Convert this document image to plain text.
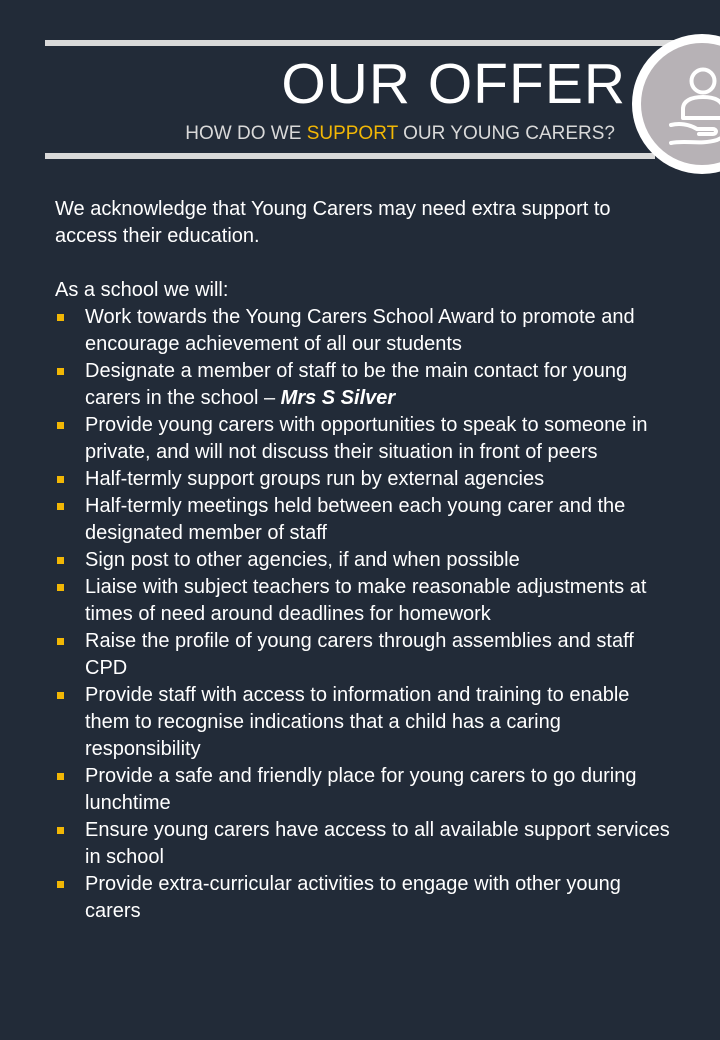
OUR OFFER
HOW DO WE SUPPORT OUR YOUNG CARERS?

We acknowledge that Young Carers may need extra support to access their education.

As a school we will:

Work towards the Young Carers School Award to promote and encourage achievement of all our students
Designate a member of staff to be the main contact for young carers in the school – Mrs S Silver
Provide young carers with opportunities to speak to someone in private, and will not discuss their situation in front of peers
Half-termly support groups run by external agencies
Half-termly meetings held between each young carer and the designated member of staff
Sign post to other agencies, if and when possible
Liaise with subject teachers to make reasonable adjustments at times of need around deadlines for homework
Raise the profile of young carers through assemblies and staff CPD
Provide staff with access to information and training to enable them to recognise indications that a child has a caring responsibility
Provide a safe and friendly place for young carers to go during lunchtime
Ensure young carers have access to all available support services in school
Provide extra-curricular activities to engage with other young carers
